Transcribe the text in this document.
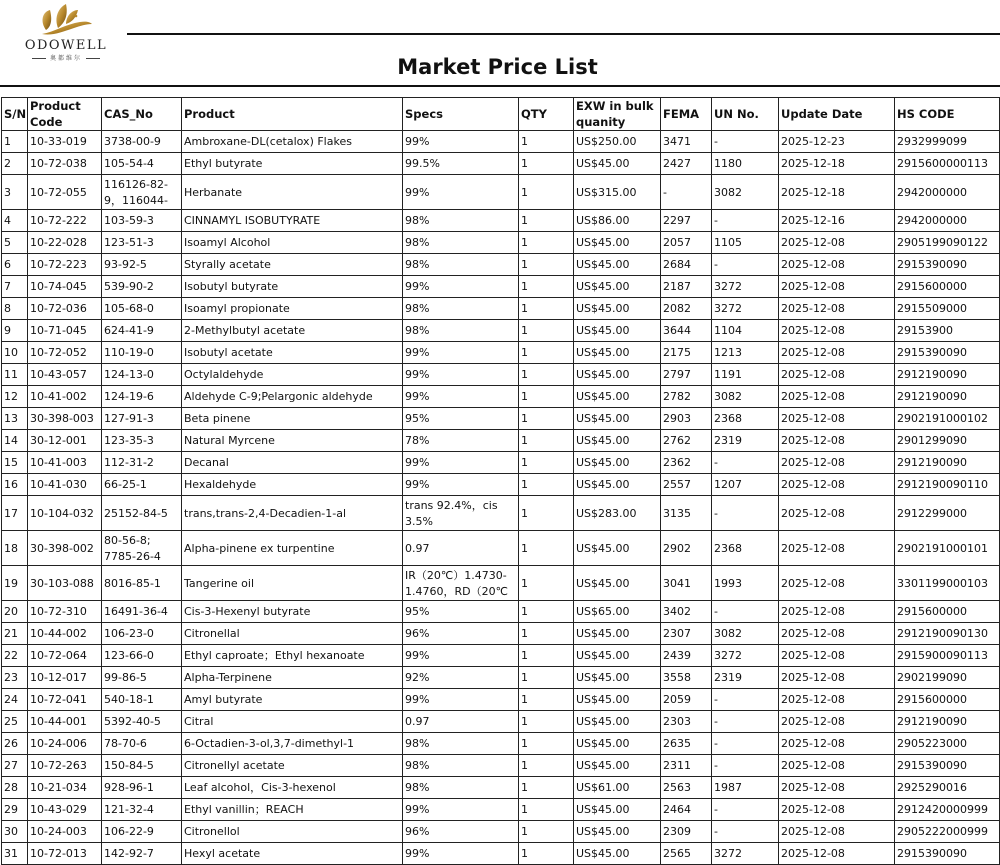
ODOWELL
奥都维尔	Market Price List
S/N	Product Code	CAS_No	Product	Specs	QTY	EXW in bulk quanity	FEMA	UN No.	Update Date	HS CODE
1	10-33-019	3738-00-9	Ambroxane-DL(cetalox) Flakes	99%	1	US$250.00	3471	-	2025-12-23	2932999099
2	10-72-038	105-54-4	Ethyl butyrate	99.5%	1	US$45.00	2427	1180	2025-12-18	2915600000113
3	10-72-055	116126-82-9，116044-	Herbanate	99%	1	US$315.00	-	3082	2025-12-18	2942000000
4	10-72-222	103-59-3	CINNAMYL ISOBUTYRATE	98%	1	US$86.00	2297	-	2025-12-16	2942000000
5	10-22-028	123-51-3	Isoamyl Alcohol	98%	1	US$45.00	2057	1105	2025-12-08	2905199090122
6	10-72-223	93-92-5	Styrally acetate	98%	1	US$45.00	2684	-	2025-12-08	2915390090
7	10-74-045	539-90-2	Isobutyl butyrate	99%	1	US$45.00	2187	3272	2025-12-08	2915600000
8	10-72-036	105-68-0	Isoamyl propionate	98%	1	US$45.00	2082	3272	2025-12-08	2915509000
9	10-71-045	624-41-9	2-Methylbutyl acetate	98%	1	US$45.00	3644	1104	2025-12-08	29153900
10	10-72-052	110-19-0	Isobutyl acetate	99%	1	US$45.00	2175	1213	2025-12-08	2915390090
11	10-43-057	124-13-0	Octylaldehyde	99%	1	US$45.00	2797	1191	2025-12-08	2912190090
12	10-41-002	124-19-6	Aldehyde C-9;Pelargonic aldehyde	99%	1	US$45.00	2782	3082	2025-12-08	2912190090
13	30-398-003	127-91-3	Beta pinene	95%	1	US$45.00	2903	2368	2025-12-08	2902191000102
14	30-12-001	123-35-3	Natural Myrcene	78%	1	US$45.00	2762	2319	2025-12-08	2901299090
15	10-41-003	112-31-2	Decanal	99%	1	US$45.00	2362	-	2025-12-08	2912190090
16	10-41-030	66-25-1	Hexaldehyde	99%	1	US$45.00	2557	1207	2025-12-08	2912190090110
17	10-104-032	25152-84-5	trans,trans-2,4-Decadien-1-al	trans 92.4%，cis 3.5%	1	US$283.00	3135	-	2025-12-08	2912299000
18	30-398-002	80-56-8; 7785-26-4	Alpha-pinene ex turpentine	0.97	1	US$45.00	2902	2368	2025-12-08	2902191000101
19	30-103-088	8016-85-1	Tangerine oil	IR（20℃）1.4730-1.4760，RD（20℃	1	US$45.00	3041	1993	2025-12-08	3301199000103
20	10-72-310	16491-36-4	Cis-3-Hexenyl butyrate	95%	1	US$65.00	3402	-	2025-12-08	2915600000
21	10-44-002	106-23-0	Citronellal	96%	1	US$45.00	2307	3082	2025-12-08	2912190090130
22	10-72-064	123-66-0	Ethyl caproate；Ethyl hexanoate	99%	1	US$45.00	2439	3272	2025-12-08	2915900090113
23	10-12-017	99-86-5	Alpha-Terpinene	92%	1	US$45.00	3558	2319	2025-12-08	2902199090
24	10-72-041	540-18-1	Amyl butyrate	99%	1	US$45.00	2059	-	2025-12-08	2915600000
25	10-44-001	5392-40-5	Citral	0.97	1	US$45.00	2303	-	2025-12-08	2912190090
26	10-24-006	78-70-6	6-Octadien-3-ol,3,7-dimethyl-1	98%	1	US$45.00	2635	-	2025-12-08	2905223000
27	10-72-263	150-84-5	Citronellyl acetate	98%	1	US$45.00	2311	-	2025-12-08	2915390090
28	10-21-034	928-96-1	Leaf alcohol，Cis-3-hexenol	98%	1	US$61.00	2563	1987	2025-12-08	2925290016
29	10-43-029	121-32-4	Ethyl vanillin；REACH	99%	1	US$45.00	2464	-	2025-12-08	2912420000999
30	10-24-003	106-22-9	Citronellol	96%	1	US$45.00	2309	-	2025-12-08	2905222000999
31	10-72-013	142-92-7	Hexyl acetate	99%	1	US$45.00	2565	3272	2025-12-08	2915390090
